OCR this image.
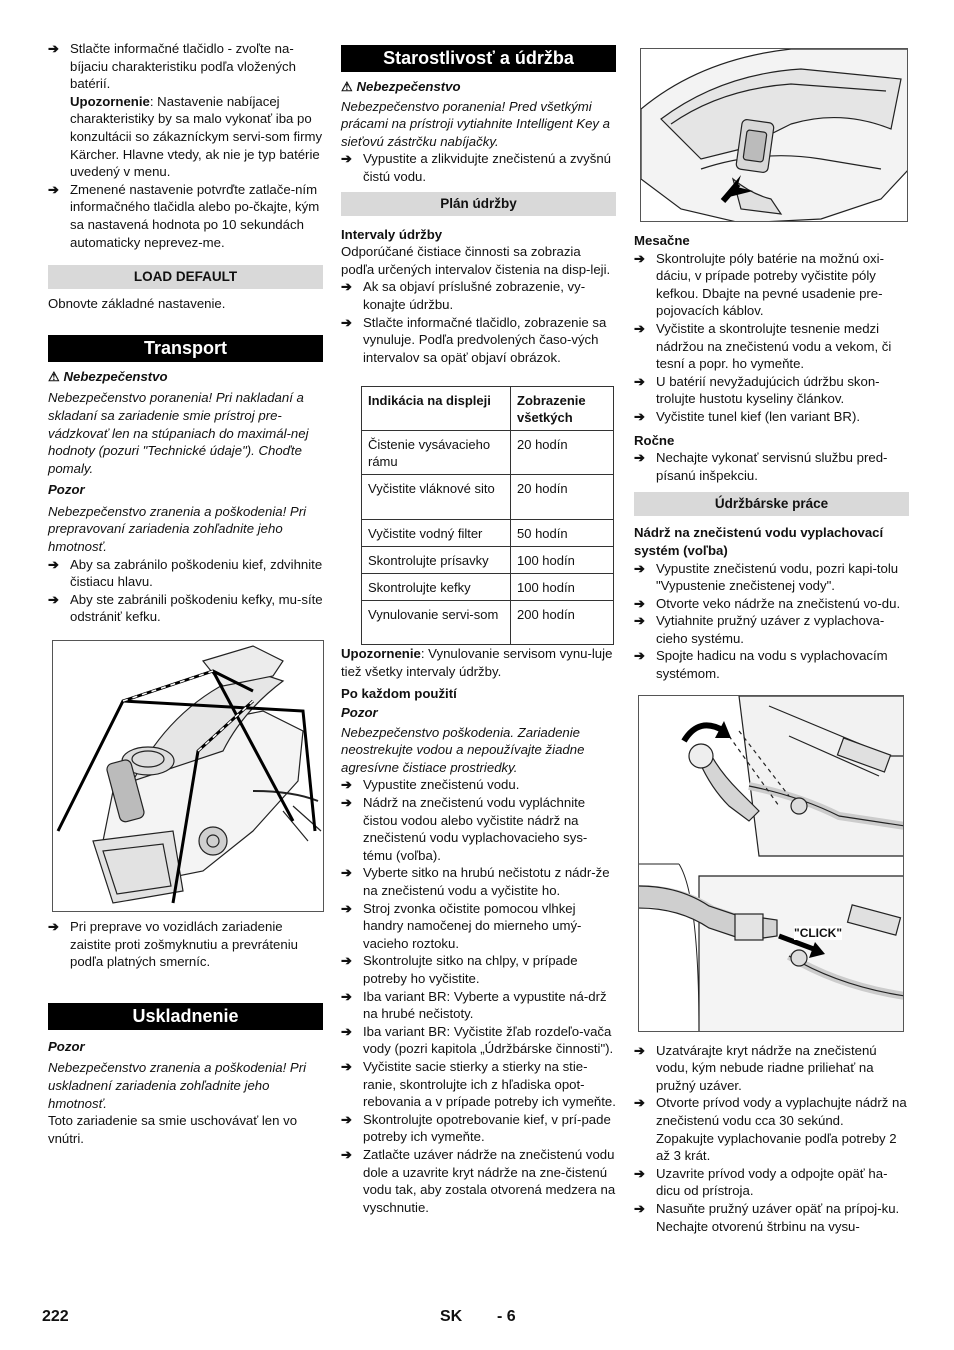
➔ Stlačte informačné tlačidlo - zvoľte na-bíjaciu charakteristiku podľa vložených batérií.
Upozornenie: Nastavenie nabíjacej charakteristiky by sa malo vykonať iba po konzultácii so zákazníckym servi-som firmy Kärcher. Hlavne vtedy, ak nie je typ batérie uvedený v menu.
➔ Zmenené nastavenie potvrďte zatlače-ním informačného tlačidla alebo po-čkajte, kým sa nastavená hodnota po 10 sekundách automaticky neprevez-me.
LOAD DEFAULT
Obnovte základné nastavenie.
Transport
⚠ Nebezpečenstvo
Nebezpečenstvo poranenia! Pri nakladaní a skladaní sa zariadenie smie prístroj pre-vádzkovať len na stúpaniach do maximál-nej hodnoty (pozuri "Technické údaje"). Choďte pomaly.
Pozor
Nebezpečenstvo zranenia a poškodenia! Pri prepravovaní zariadenia zohľadnite jeho hmotnosť.
➔ Aby sa zabránilo poškodeniu kief, zdvihnite čistiacu hlavu.
➔ Aby ste zabránili poškodeniu kefky, mu-síte odstrániť kefku.
➔ Pri preprave vo vozidlách zariadenie zaistite proti zošmyknutiu a prevráteniu podľa platných smerníc.
Uskladnenie
Pozor
Nebezpečenstvo zranenia a poškodenia! Pri uskladnení zariadenia zohľadnite jeho hmotnosť.
Toto zariadenie sa smie uschovávať len vo vnútri.
Starostlivosť a údržba
⚠ Nebezpečenstvo
Nebezpečenstvo poranenia! Pred všetkými prácami na prístroji vytiahnite Intelligent Key a sieťovú zástrčku nabíjačky.
➔ Vypustite a zlikvidujte znečistenú a zvyšnú čistú vodu.
Plán údržby
Intervaly údržby
Odporúčané čistiace činnosti sa zobrazia podľa určených intervalov čistenia na disp-leji.
➔ Ak sa objaví príslušné zobrazenie, vy-konajte údržbu.
➔ Stlačte informačné tlačidlo, zobrazenie sa vynuluje. Podľa predvolených časo-vých intervalov sa opäť objaví obrázok.
Indikácia na displeji	Zobrazenie všetkých
Čistenie vysávacieho rámu	20 hodín
Vyčistite vláknové sito	20 hodín
Vyčistite vodný filter	50 hodín
Skontrolujte prísavky	100 hodín
Skontrolujte kefky	100 hodín
Vynulovanie servi-som	200 hodín
Upozornenie: Vynulovanie servisom vynu-luje tiež všetky intervaly údržby.
Po každom použití
Pozor
Nebezpečenstvo poškodenia. Zariadenie neostrekujte vodou a nepoužívajte žiadne agresívne čistiace prostriedky.
➔ Vypustite znečistenú vodu.
➔ Nádrž na znečistenú vodu vypláchnite čistou vodou alebo vyčistite nádrž na znečistenú vodu vyplachovacieho sys-tému (voľba).
➔ Vyberte sitko na hrubú nečistotu z nádr-že na znečistenú vodu a vyčistite ho.
➔ Stroj zvonka očistite pomocou vlhkej handry namočenej do mierneho umý-vacieho roztoku.
➔ Skontrolujte sitko na chlpy, v prípade potreby ho vyčistite.
➔ Iba variant BR: Vyberte a vypustite ná-drž na hrubé nečistoty.
➔ Iba variant BR: Vyčistite žľab rozdeľo-vača vody (pozri kapitola „Údržbárske činnosti").
➔ Vyčistite sacie stierky a stierky na stie-ranie, skontrolujte ich z hľadiska opot-rebovania a v prípade potreby ich vymeňte.
➔ Skontrolujte opotrebovanie kief, v prí-pade potreby ich vymeňte.
➔ Zatlačte uzáver nádrže na znečistenú vodu dole a uzavrite kryt nádrže na zne-čistenú vodu tak, aby zostala otvorená medzera na vyschnutie.
Mesačne
➔ Skontrolujte póly batérie na možnú oxi-dáciu, v prípade potreby vyčistite póly kefkou. Dbajte na pevné usadenie pre-pojovacích káblov.
➔ Vyčistite a skontrolujte tesnenie medzi nádržou na znečistenú vodu a vekom, či tesní a popr. ho vymeňte.
➔ U batérií nevyžadujúcich údržbu skon-trolujte hustotu kyseliny článkov.
➔ Vyčistite tunel kief (len variant BR).
Ročne
➔ Nechajte vykonať servisnú službu pred-písanú inšpekciu.
Údržbárske práce
Nádrž na znečistenú vodu vyplachovací systém (voľba)
➔ Vypustite znečistenú vodu, pozri kapi-tolu "Vypustenie znečistenej vody".
➔ Otvorte veko nádrže na znečistenú vo-du.
➔ Vytiahnite pružný uzáver z vyplachova-cieho systému.
➔ Spojte hadicu na vodu s vyplachovacím systémom.
"CLICK"
➔ Uzatvárajte kryt nádrže na znečistenú vodu, kým nebude riadne priliehať na pružný uzáver.
➔ Otvorte prívod vody a vyplachujte nádrž na znečistenú vodu cca 30 sekúnd.
Zopakujte vyplachovanie podľa potreby 2 až 3 krát.
➔ Uzavrite prívod vody a odpojte opäť ha-dicu od prístroja.
➔ Nasuňte pružný uzáver opäť na prípoj-ku. Nechajte otvorenú štrbinu na vysu-
222	SK - 6
